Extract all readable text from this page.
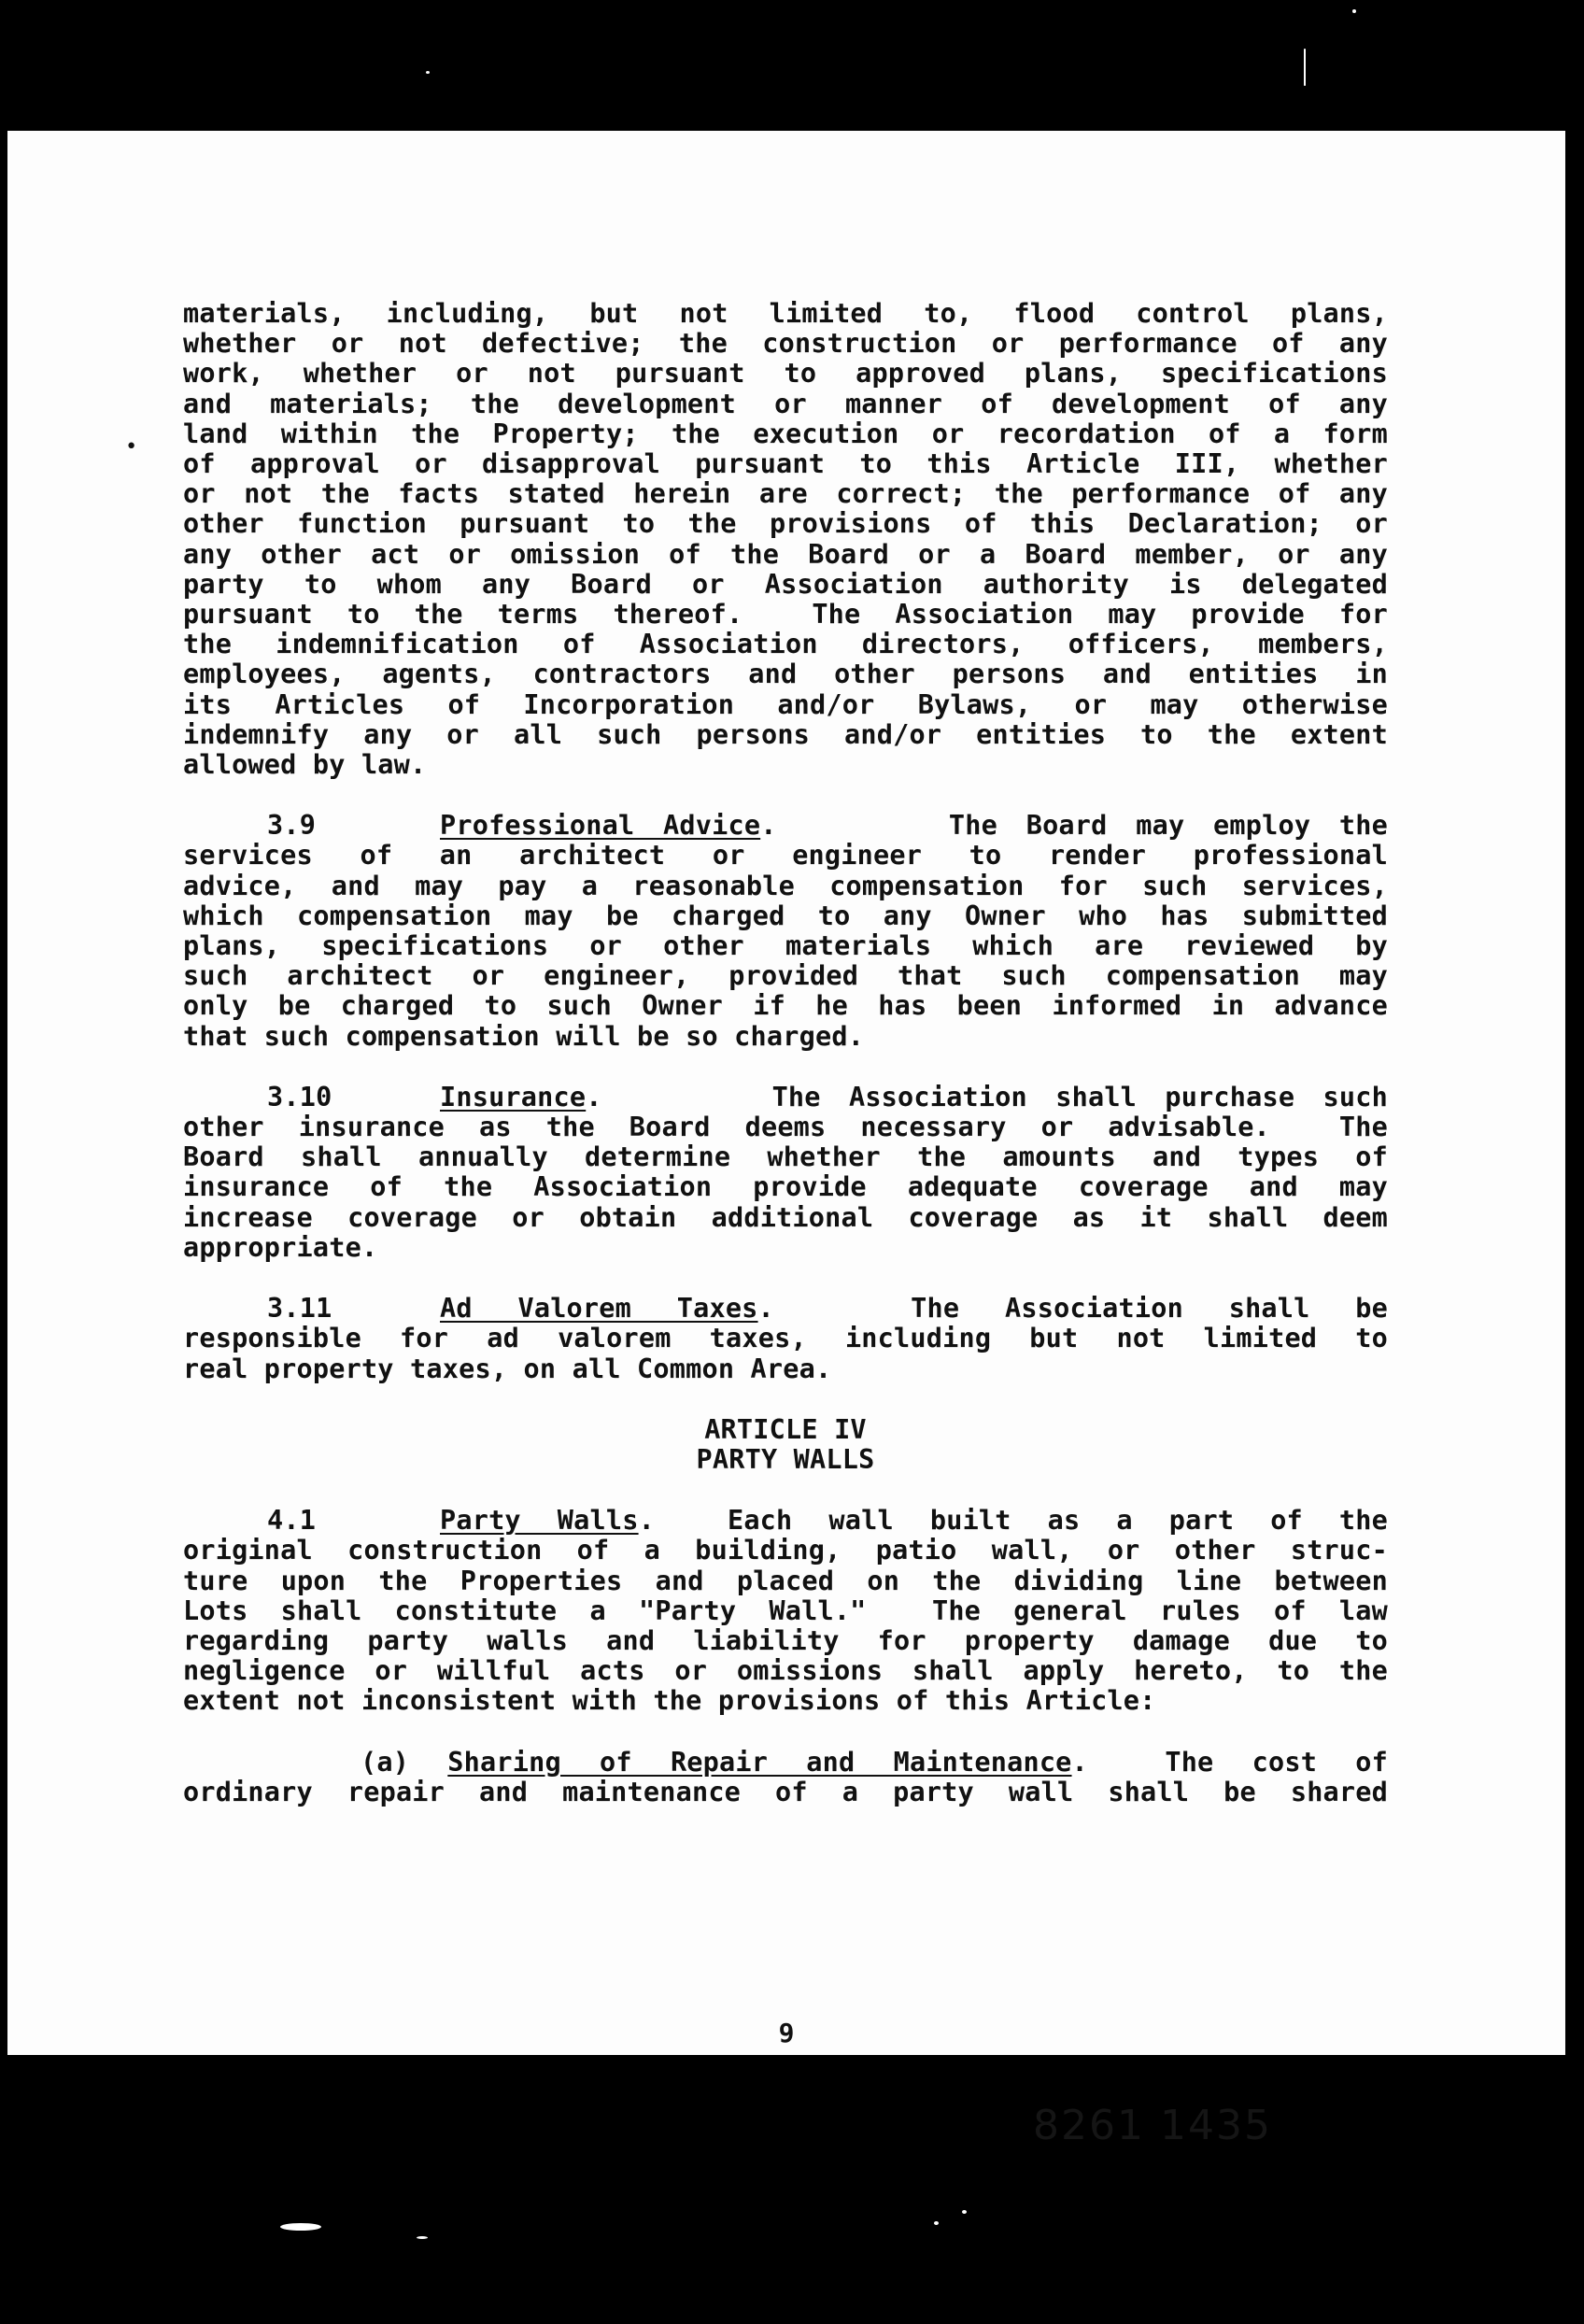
•
materials, including, but not limited to, flood control plans,
whether or not defective; the construction or performance of any
work, whether or not pursuant to approved plans, specifications
and materials; the development or manner of development of any
land within the Property; the execution or recordation of a form
of approval or disapproval pursuant to this Article III, whether
or not the facts stated herein are correct; the performance of any
other function pursuant to the provisions of this Declaration; or
any other act or omission of the Board or a Board member, or any
party to whom any Board or Association authority is delegated
pursuant to the terms thereof.  The Association may provide for
the indemnification of Association directors, officers, members,
employees, agents, contractors and other persons and entities in
its Articles of Incorporation and/or Bylaws, or may otherwise
indemnify any or all such persons and/or entities to the extent
allowed by law.
3.9	Professional Advice.      The Board may employ the
services of an architect or engineer to render professional
advice, and may pay a reasonable compensation for such services,
which compensation may be charged to any Owner who has submitted
plans, specifications or other materials which are reviewed by
such architect or engineer, provided that such compensation may
only be charged to such Owner if he has been informed in advance
that such compensation will be so charged.
3.10	Insurance.      The Association shall purchase such
other insurance as the Board deems necessary or advisable.  The
Board shall annually determine whether the amounts and types of
insurance of the Association provide adequate coverage and may
increase coverage or obtain additional coverage as it shall deem
appropriate.
3.11	Ad Valorem Taxes.   The Association shall be
responsible for ad valorem taxes, including but not limited to
real property taxes, on all Common Area.
ARTICLE IV
PARTY WALLS
4.1	Party Walls.  Each wall built as a part of the
original construction of a building, patio wall, or other struc-
ture upon the Properties and placed on the dividing line between
Lots shall constitute a "Party Wall."  The general rules of law
regarding party walls and liability for property damage due to
negligence or willful acts or omissions shall apply hereto, to the
extent not inconsistent with the provisions of this Article:
(a) Sharing of Repair and Maintenance.  The cost of
ordinary repair and maintenance of a party wall shall be shared
9
8261 1435
